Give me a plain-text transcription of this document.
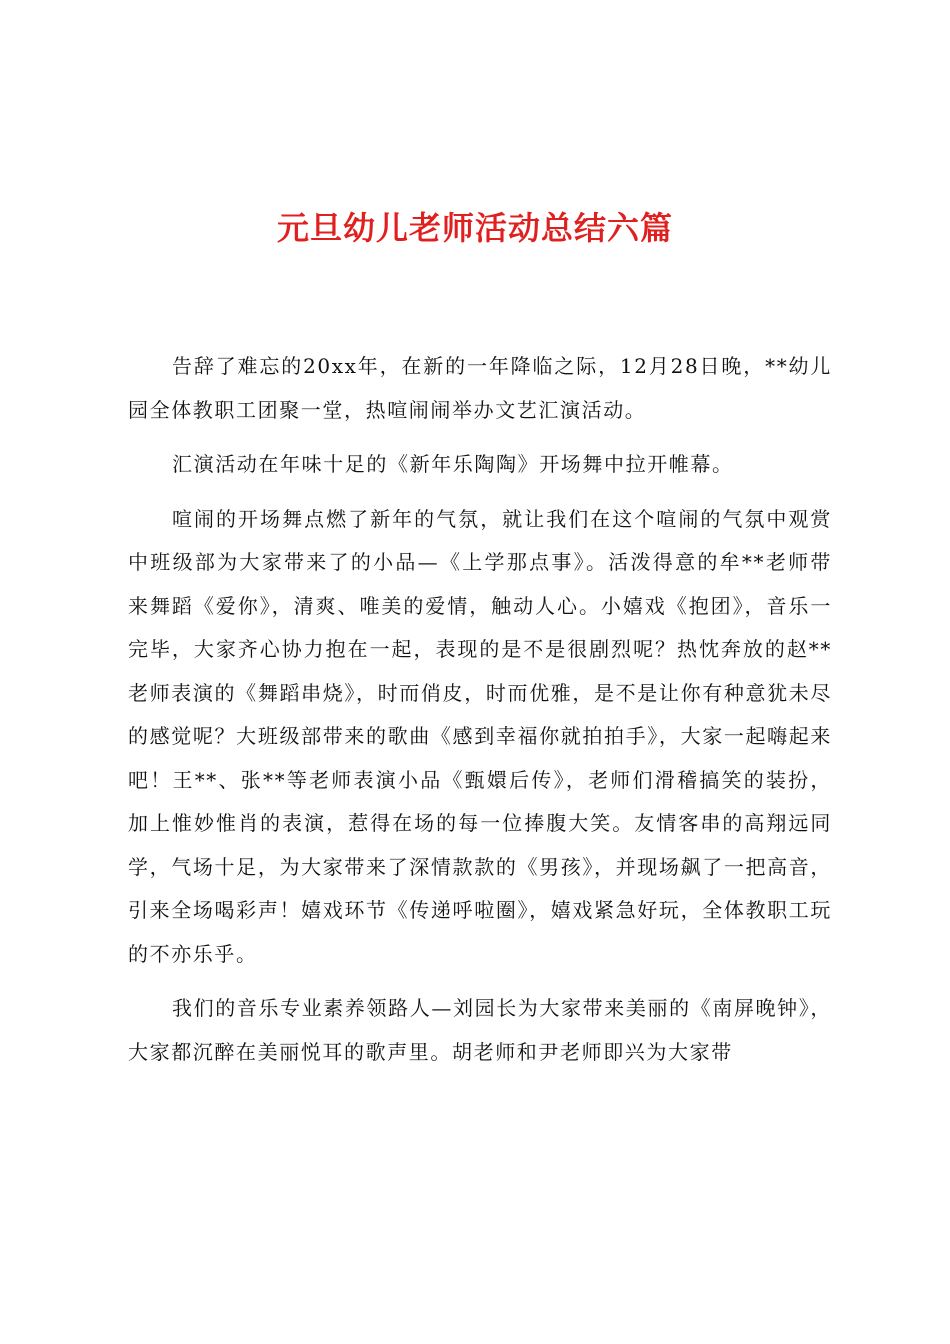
元旦幼儿老师活动总结六篇

告辞了难忘的20xx年，在新的一年降临之际，12月28日晚，**幼儿园全体教职工团聚一堂，热喧闹闹举办文艺汇演活动。

汇演活动在年味十足的《新年乐陶陶》开场舞中拉开帷幕。

喧闹的开场舞点燃了新年的气氛，就让我们在这个喧闹的气氛中观赏中班级部为大家带来了的小品—《上学那点事》。活泼得意的牟**老师带来舞蹈《爱你》，清爽、唯美的爱情，触动人心。小嬉戏《抱团》，音乐一完毕，大家齐心协力抱在一起，表现的是不是很剧烈呢？热忱奔放的赵**老师表演的《舞蹈串烧》，时而俏皮，时而优雅，是不是让你有种意犹未尽的感觉呢？大班级部带来的歌曲《感到幸福你就拍拍手》，大家一起嗨起来吧！王**、张**等老师表演小品《甄嬛后传》，老师们滑稽搞笑的装扮，加上惟妙惟肖的表演，惹得在场的每一位捧腹大笑。友情客串的高翔远同学，气场十足，为大家带来了深情款款的《男孩》，并现场飙了一把高音，引来全场喝彩声！嬉戏环节《传递呼啦圈》，嬉戏紧急好玩，全体教职工玩的不亦乐乎。

我们的音乐专业素养领路人—刘园长为大家带来美丽的《南屏晚钟》，大家都沉醉在美丽悦耳的歌声里。胡老师和尹老师即兴为大家带
